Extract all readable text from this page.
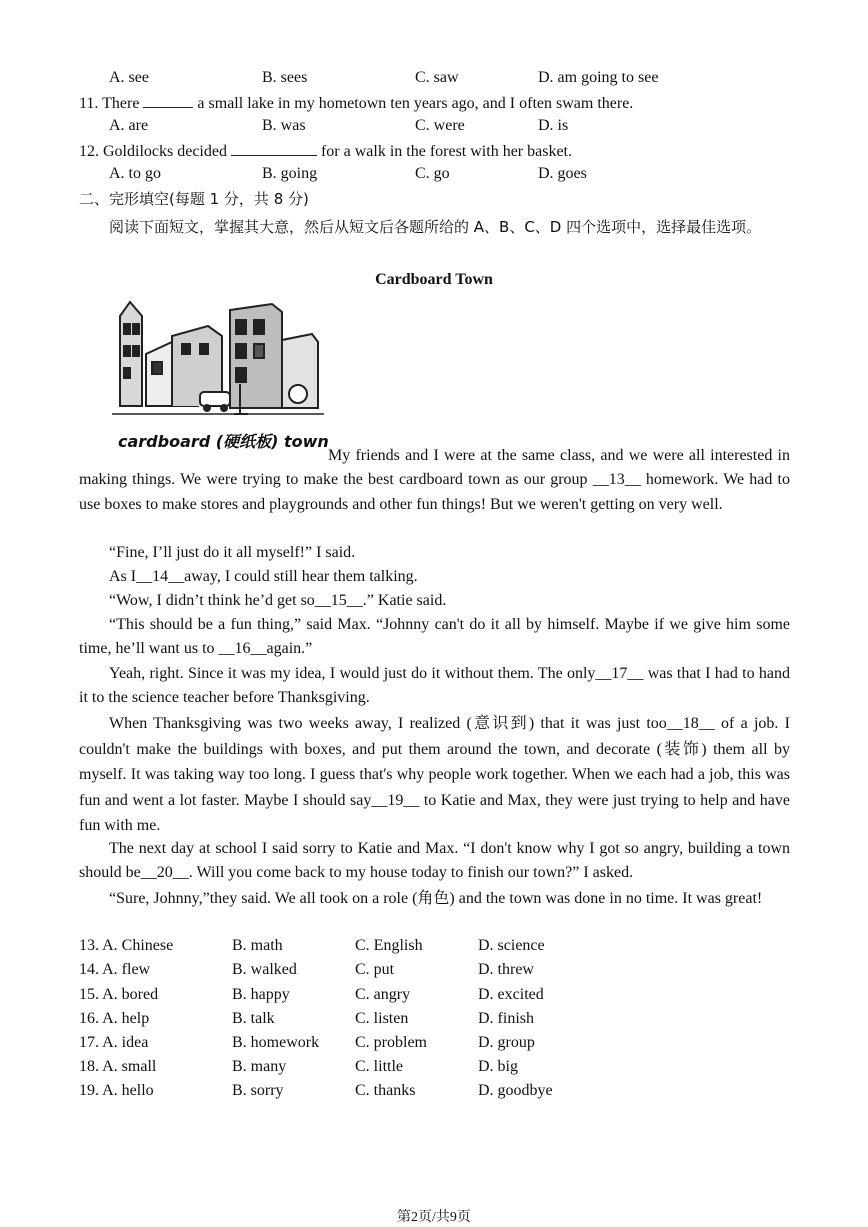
A. see	B. sees	C. saw	D. am going to see
11. There	a small lake in my hometown ten years ago, and I often swam there.
A. are	B. was	C. were	D. is
12. Goldilocks decided	for a walk in the forest with her basket.
A. to go	B. going	C. go	D. goes
二、完形填空(每题 1 分，共 8 分)
阅读下面短文，掌握其大意，然后从短文后各题所给的 A、B、C、D 四个选项中，选择最佳选项。
Cardboard Town
cardboard (硬纸板) town
My friends and I were at the same class, and we were all interested in making things. We were trying to make the best cardboard town as our group __13__ homework. We had to use boxes to make stores and playgrounds and other fun things! But we weren't getting on very well.
“Fine, I’ll just do it all myself!” I said.
As I__14__away, I could still hear them talking.
“Wow, I didn’t think he’d get so__15__.” Katie said.
“This should be a fun thing,” said Max. “Johnny can't do it all by himself. Maybe if we give him some time, he’ll want us to __16__again.”
Yeah, right. Since it was my idea, I would just do it without them. The only__17__ was that I had to hand it to the science teacher before Thanksgiving.
When Thanksgiving was two weeks away, I realized (意识到) that it was just too__18__ of a job. I couldn't make the buildings with boxes, and put them around the town, and decorate (装饰) them all by myself. It was taking way too long. I guess that's why people work together. When we each had a job, this was fun and went a lot faster. Maybe I should say__19__ to Katie and Max, they were just trying to help and have fun with me.
The next day at school I said sorry to Katie and Max. “I don't know why I got so angry, building a town should be__20__. Will you come back to my house today to finish our town?” I asked.
“Sure, Johnny,”they said. We all took on a role (角色) and the town was done in no time. It was great!
13. A. Chinese	B. math	C. English	D. science
14. A. flew	B. walked	C. put	D. threw
15. A. bored	B. happy	C. angry	D. excited
16. A. help	B. talk	C. listen	D. finish
17. A. idea	B. homework C. problem	D. group
18. A. small	B. many	C. little	D. big
19. A. hello	B. sorry	C. thanks	D. goodbye
第2页/共9页
